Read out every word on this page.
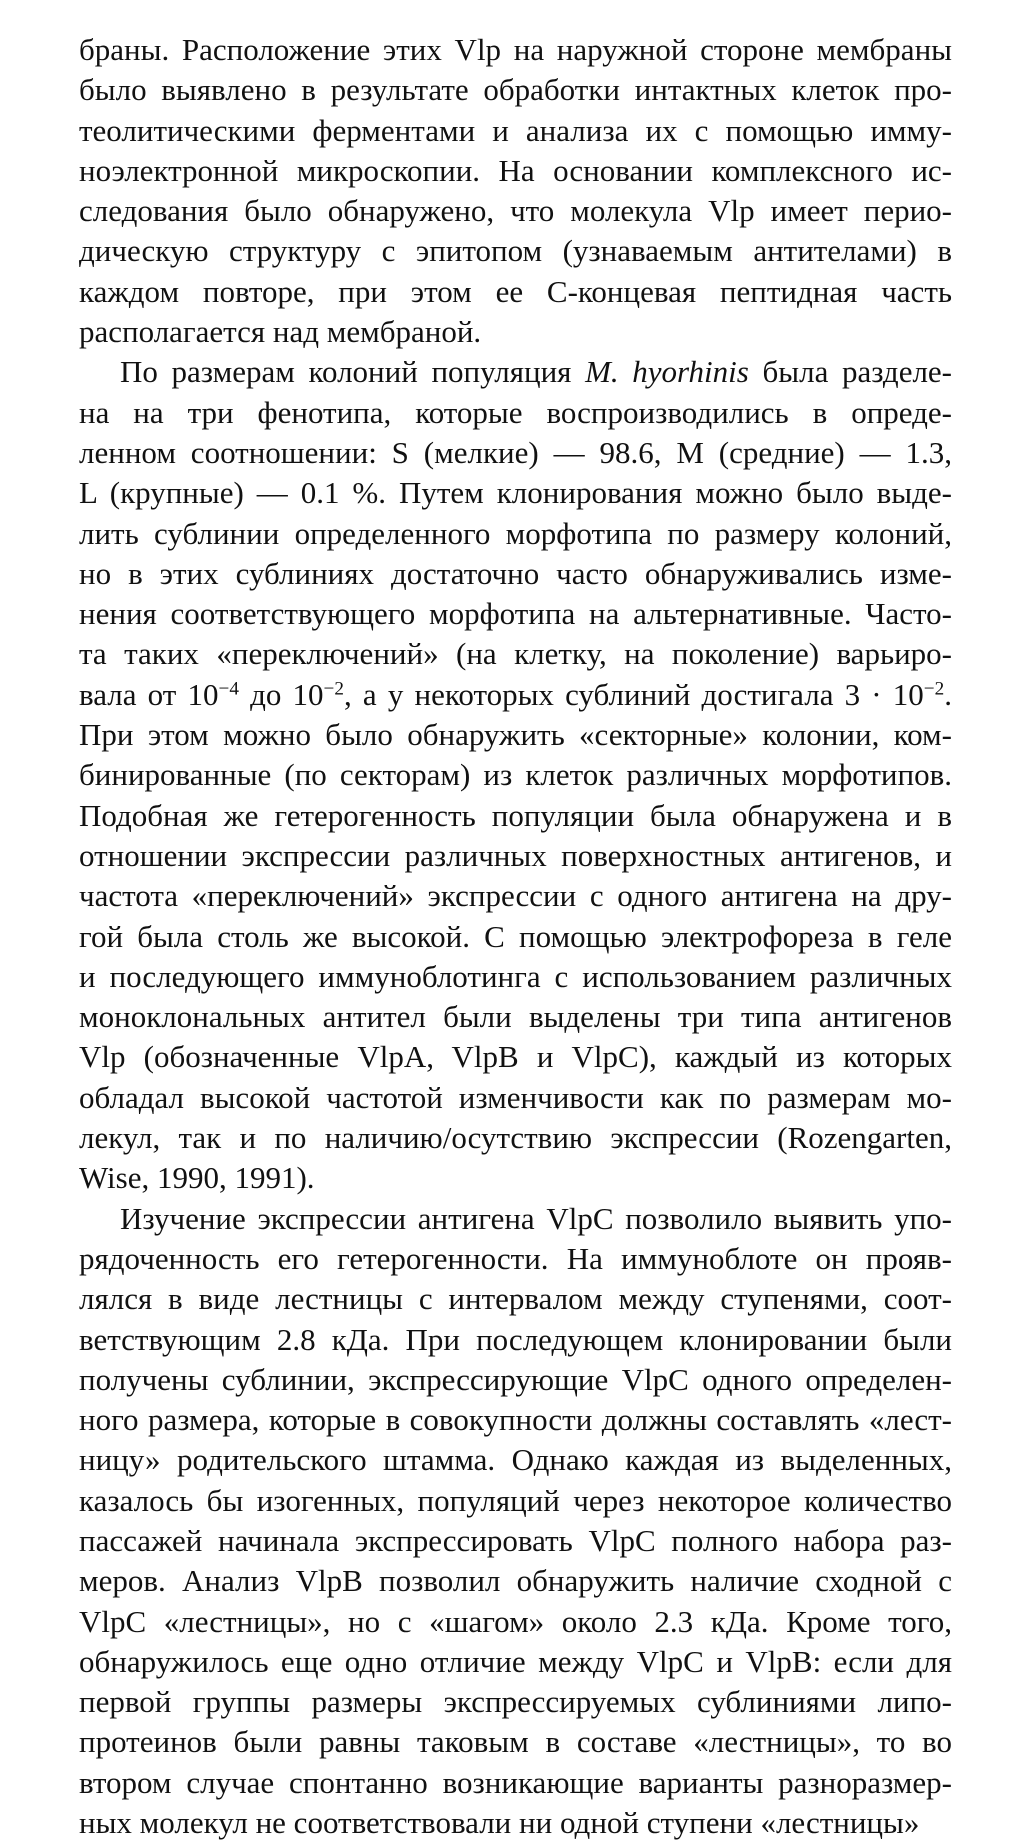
браны. Расположение этих Vlp на наружной стороне мембраны
было выявлено в результате обработки интактных клеток про-
теолитическими ферментами и анализа их с помощью имму-
ноэлектронной микроскопии. На основании комплексного ис-
следования было обнаружено, что молекула Vlp имеет перио-
дическую структуру с эпитопом (узнаваемым антителами) в
каждом повторе, при этом ее С-концевая пептидная часть
располагается над мембраной.
По размерам колоний популяция M. hyorhinis была разделе-
на на три фенотипа, которые воспроизводились в опреде-
ленном соотношении: S (мелкие) — 98.6, М (средние) — 1.3,
L (крупные) — 0.1 %. Путем клонирования можно было выде-
лить сублинии определенного морфотипа по размеру колоний,
но в этих сублиниях достаточно часто обнаруживались изме-
нения соответствующего морфотипа на альтернативные. Часто-
та таких «переключений» (на клетку, на поколение) варьиро-
вала от $10^{-4}$ до $10^{-2}$, а у некоторых сублиний достигала $3 \cdot 10^{-2}$.
При этом можно было обнаружить «секторные» колонии, ком-
бинированные (по секторам) из клеток различных морфотипов.
Подобная же гетерогенность популяции была обнаружена и в
отношении экспрессии различных поверхностных антигенов, и
частота «переключений» экспрессии с одного антигена на дру-
гой была столь же высокой. С помощью электрофореза в геле
и последующего иммуноблотинга с использованием различных
моноклональных антител были выделены три типа антигенов
Vlp (обозначенные VlpA, VlpB и VlpC), каждый из которых
обладал высокой частотой изменчивости как по размерам мо-
лекул, так и по наличию/осутствию экспрессии (Rozengarten,
Wise, 1990, 1991).
Изучение экспрессии антигена VlpC позволило выявить упо-
рядоченность его гетерогенности. На иммуноблоте он прояв-
лялся в виде лестницы с интервалом между ступенями, соот-
ветствующим 2.8 кДа. При последующем клонировании были
получены сублинии, экспрессирующие VlpC одного определен-
ного размера, которые в совокупности должны составлять «лест-
ницу» родительского штамма. Однако каждая из выделенных,
казалось бы изогенных, популяций через некоторое количество
пассажей начинала экспрессировать VlpC полного набора раз-
меров. Анализ VlpB позволил обнаружить наличие сходной с
VlpC «лестницы», но с «шагом» около 2.3 кДа. Кроме того,
обнаружилось еще одно отличие между VlpC и VlpB: если для
первой группы размеры экспрессируемых сублиниями липо-
протеинов были равны таковым в составе «лестницы», то во
втором случае спонтанно возникающие варианты разноразмер-
ных молекул не соответствовали ни одной ступени «лестницы»
